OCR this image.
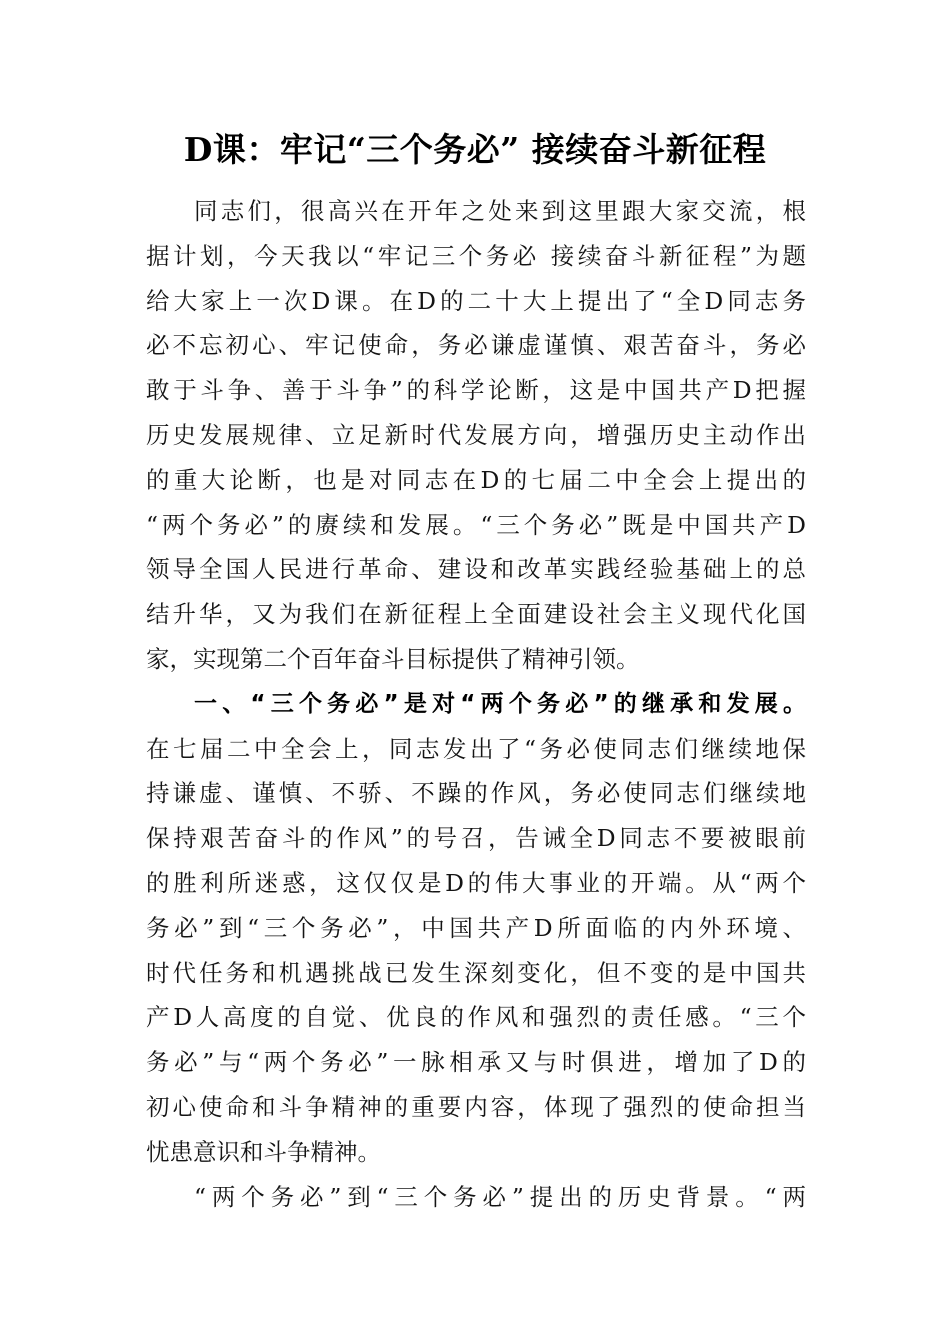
D课：牢记“三个务必” 接续奋斗新征程
同志们，很高兴在开年之处来到这里跟大家交流，根
据计划，今天我以“牢记三个务必 接续奋斗新征程”为题
给大家上一次D课。在D的二十大上提出了“全D同志务
必不忘初心、牢记使命，务必谦虚谨慎、艰苦奋斗，务必
敢于斗争、善于斗争”的科学论断，这是中国共产D把握
历史发展规律、立足新时代发展方向，增强历史主动作出
的重大论断，也是对同志在D的七届二中全会上提出的
“两个务必”的赓续和发展。“三个务必”既是中国共产D
领导全国人民进行革命、建设和改革实践经验基础上的总
结升华，又为我们在新征程上全面建设社会主义现代化国
家，实现第二个百年奋斗目标提供了精神引领。
一、“三个务必”是对“两个务必”的继承和发展。
在七届二中全会上，同志发出了“务必使同志们继续地保
持谦虚、谨慎、不骄、不躁的作风，务必使同志们继续地
保持艰苦奋斗的作风”的号召，告诫全D同志不要被眼前
的胜利所迷惑，这仅仅是D的伟大事业的开端。从“两个
务必”到“三个务必”，中国共产D所面临的内外环境、
时代任务和机遇挑战已发生深刻变化，但不变的是中国共
产D人高度的自觉、优良的作风和强烈的责任感。“三个
务必”与“两个务必”一脉相承又与时俱进，增加了D的
初心使命和斗争精神的重要内容，体现了强烈的使命担当
忧患意识和斗争精神。
“两个务必”到“三个务必”提出的历史背景。“两
